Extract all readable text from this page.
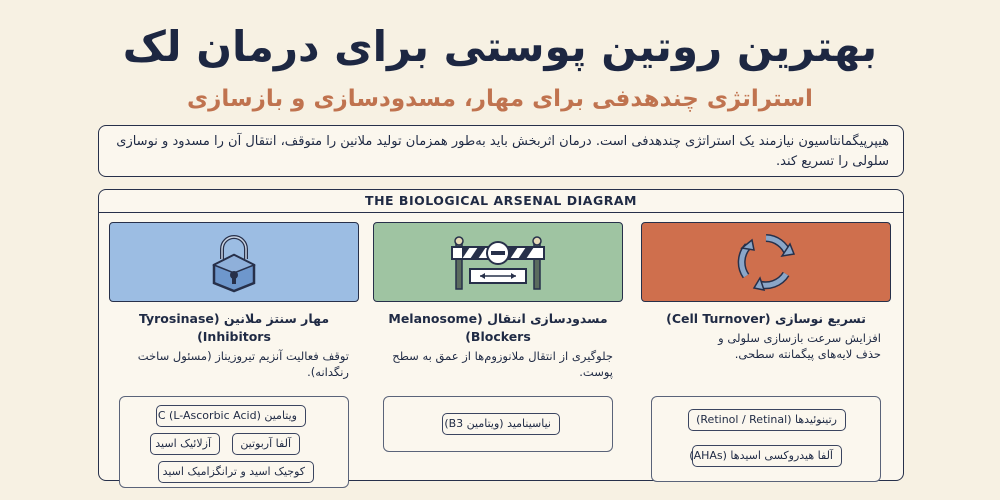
بهترین روتین پوستی برای درمان لک
استراتژی چندهدفی برای مهار، مسدودسازی و بازسازی
هیپرپیگمانتاسیون نیازمند یک استراتژی چندهدفی است. درمان اثربخش باید به‌طور همزمان تولید ملانین را متوقف، انتقال آن را مسدود و نوسازی سلولی را تسریع کند.
THE BIOLOGICAL ARSENAL DIAGRAM
مهار سنتز ملانین (Tyrosinase Inhibitors)
توقف فعالیت آنزیم تیروزیناز (مسئول ساخت رنگدانه).
ویتامین C (L-Ascorbic Acid)
آزلائیک اسید	آلفا آربوتین
کوجیک اسید و ترانگزامیک اسید
مسدودسازی انتقال (Melanosome Blockers)
جلوگیری از انتقال ملانوزوم‌ها از عمق به سطح پوست.
نیاسینامید (ویتامین B3)
تسریع نوسازی (Cell Turnover)
افزایش سرعت بازسازی سلولی و حذف لایه‌های پیگمانته سطحی.
رتینوئیدها (Retinol / Retinal)
آلفا هیدروکسی اسیدها (AHAs)
